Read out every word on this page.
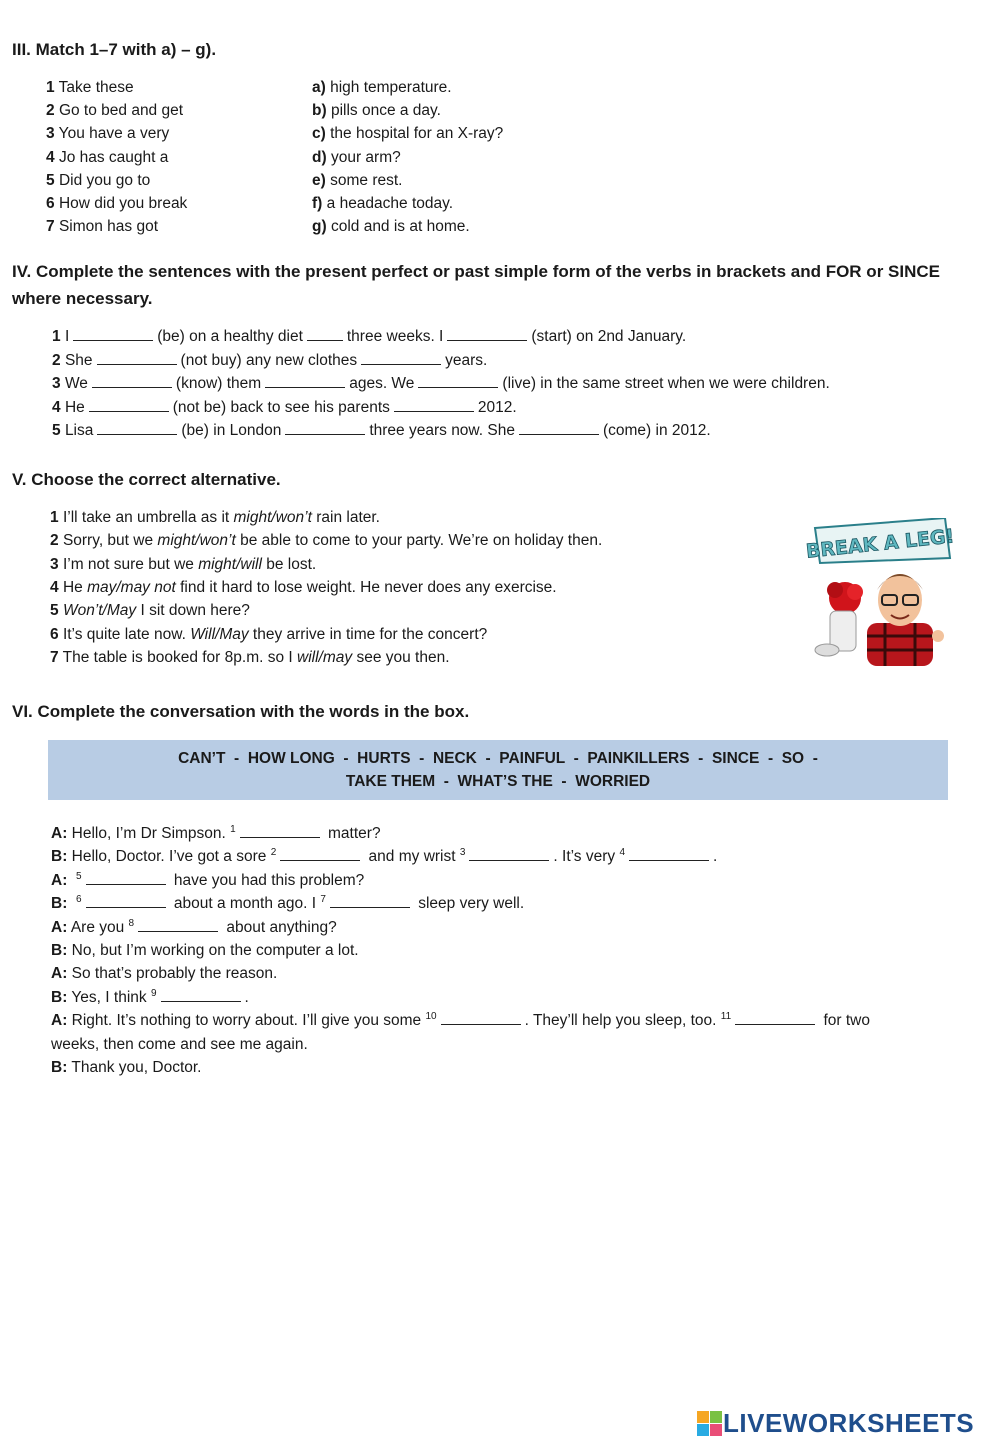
III. Match 1–7 with a) – g).
1 Take these	a) high temperature.
2 Go to bed and get	b) pills once a day.
3 You have a very	c) the hospital for an X-ray?
4 Jo has caught a	d) your arm?
5 Did you go to	e) some rest.
6 How did you break	f) a headache today.
7 Simon has got	g) cold and is at home.
IV. Complete the sentences with the present perfect or past simple form of the verbs in brackets and FOR or SINCE where necessary.
1 I	(be) on a healthy diet	three weeks. I	(start) on 2nd January.
2 She	(not buy) any new clothes	years.
3 We	(know) them	ages. We	(live) in the same street when we were children.
4 He	(not be) back to see his parents	2012.
5 Lisa	(be) in London	three years now. She	(come) in 2012.
V. Choose the correct alternative.
1 I’ll take an umbrella as it might/won’t rain later.
2 Sorry, but we might/won’t be able to come to your party. We’re on holiday then.
3 I’m not sure but we might/will be lost.
4 He may/may not find it hard to lose weight. He never does any exercise.
5 Won’t/May I sit down here?
6 It’s quite late now. Will/May they arrive in time for the concert?
7 The table is booked for 8p.m. so I will/may see you then.
BREAK A LEG!
VI. Complete the conversation with the words in the box.
CAN’T  -  HOW LONG  -  HURTS  -  NECK  -  PAINFUL  -  PAINKILLERS  -  SINCE  -  SO  -
TAKE THEM  -  WHAT’S THE  -  WORRIED
A: Hello, I’m Dr Simpson. $^1$	matter?
B: Hello, Doctor. I’ve got a sore $^2$	and my wrist $^3$	. It’s very $^4$	.
A: $^5$	have you had this problem?
B: $^6$	about a month ago. I $^7$	sleep very well.
A: Are you $^8$	about anything?
B: No, but I’m working on the computer a lot.
A: So that’s probably the reason.
B: Yes, I think $^9$	.
A: Right. It’s nothing to worry about. I’ll give you some $^{10}$	. They’ll help you sleep, too. $^{11}$	for two
weeks, then come and see me again.
B: Thank you, Doctor.
LIVEWORKSHEETS
